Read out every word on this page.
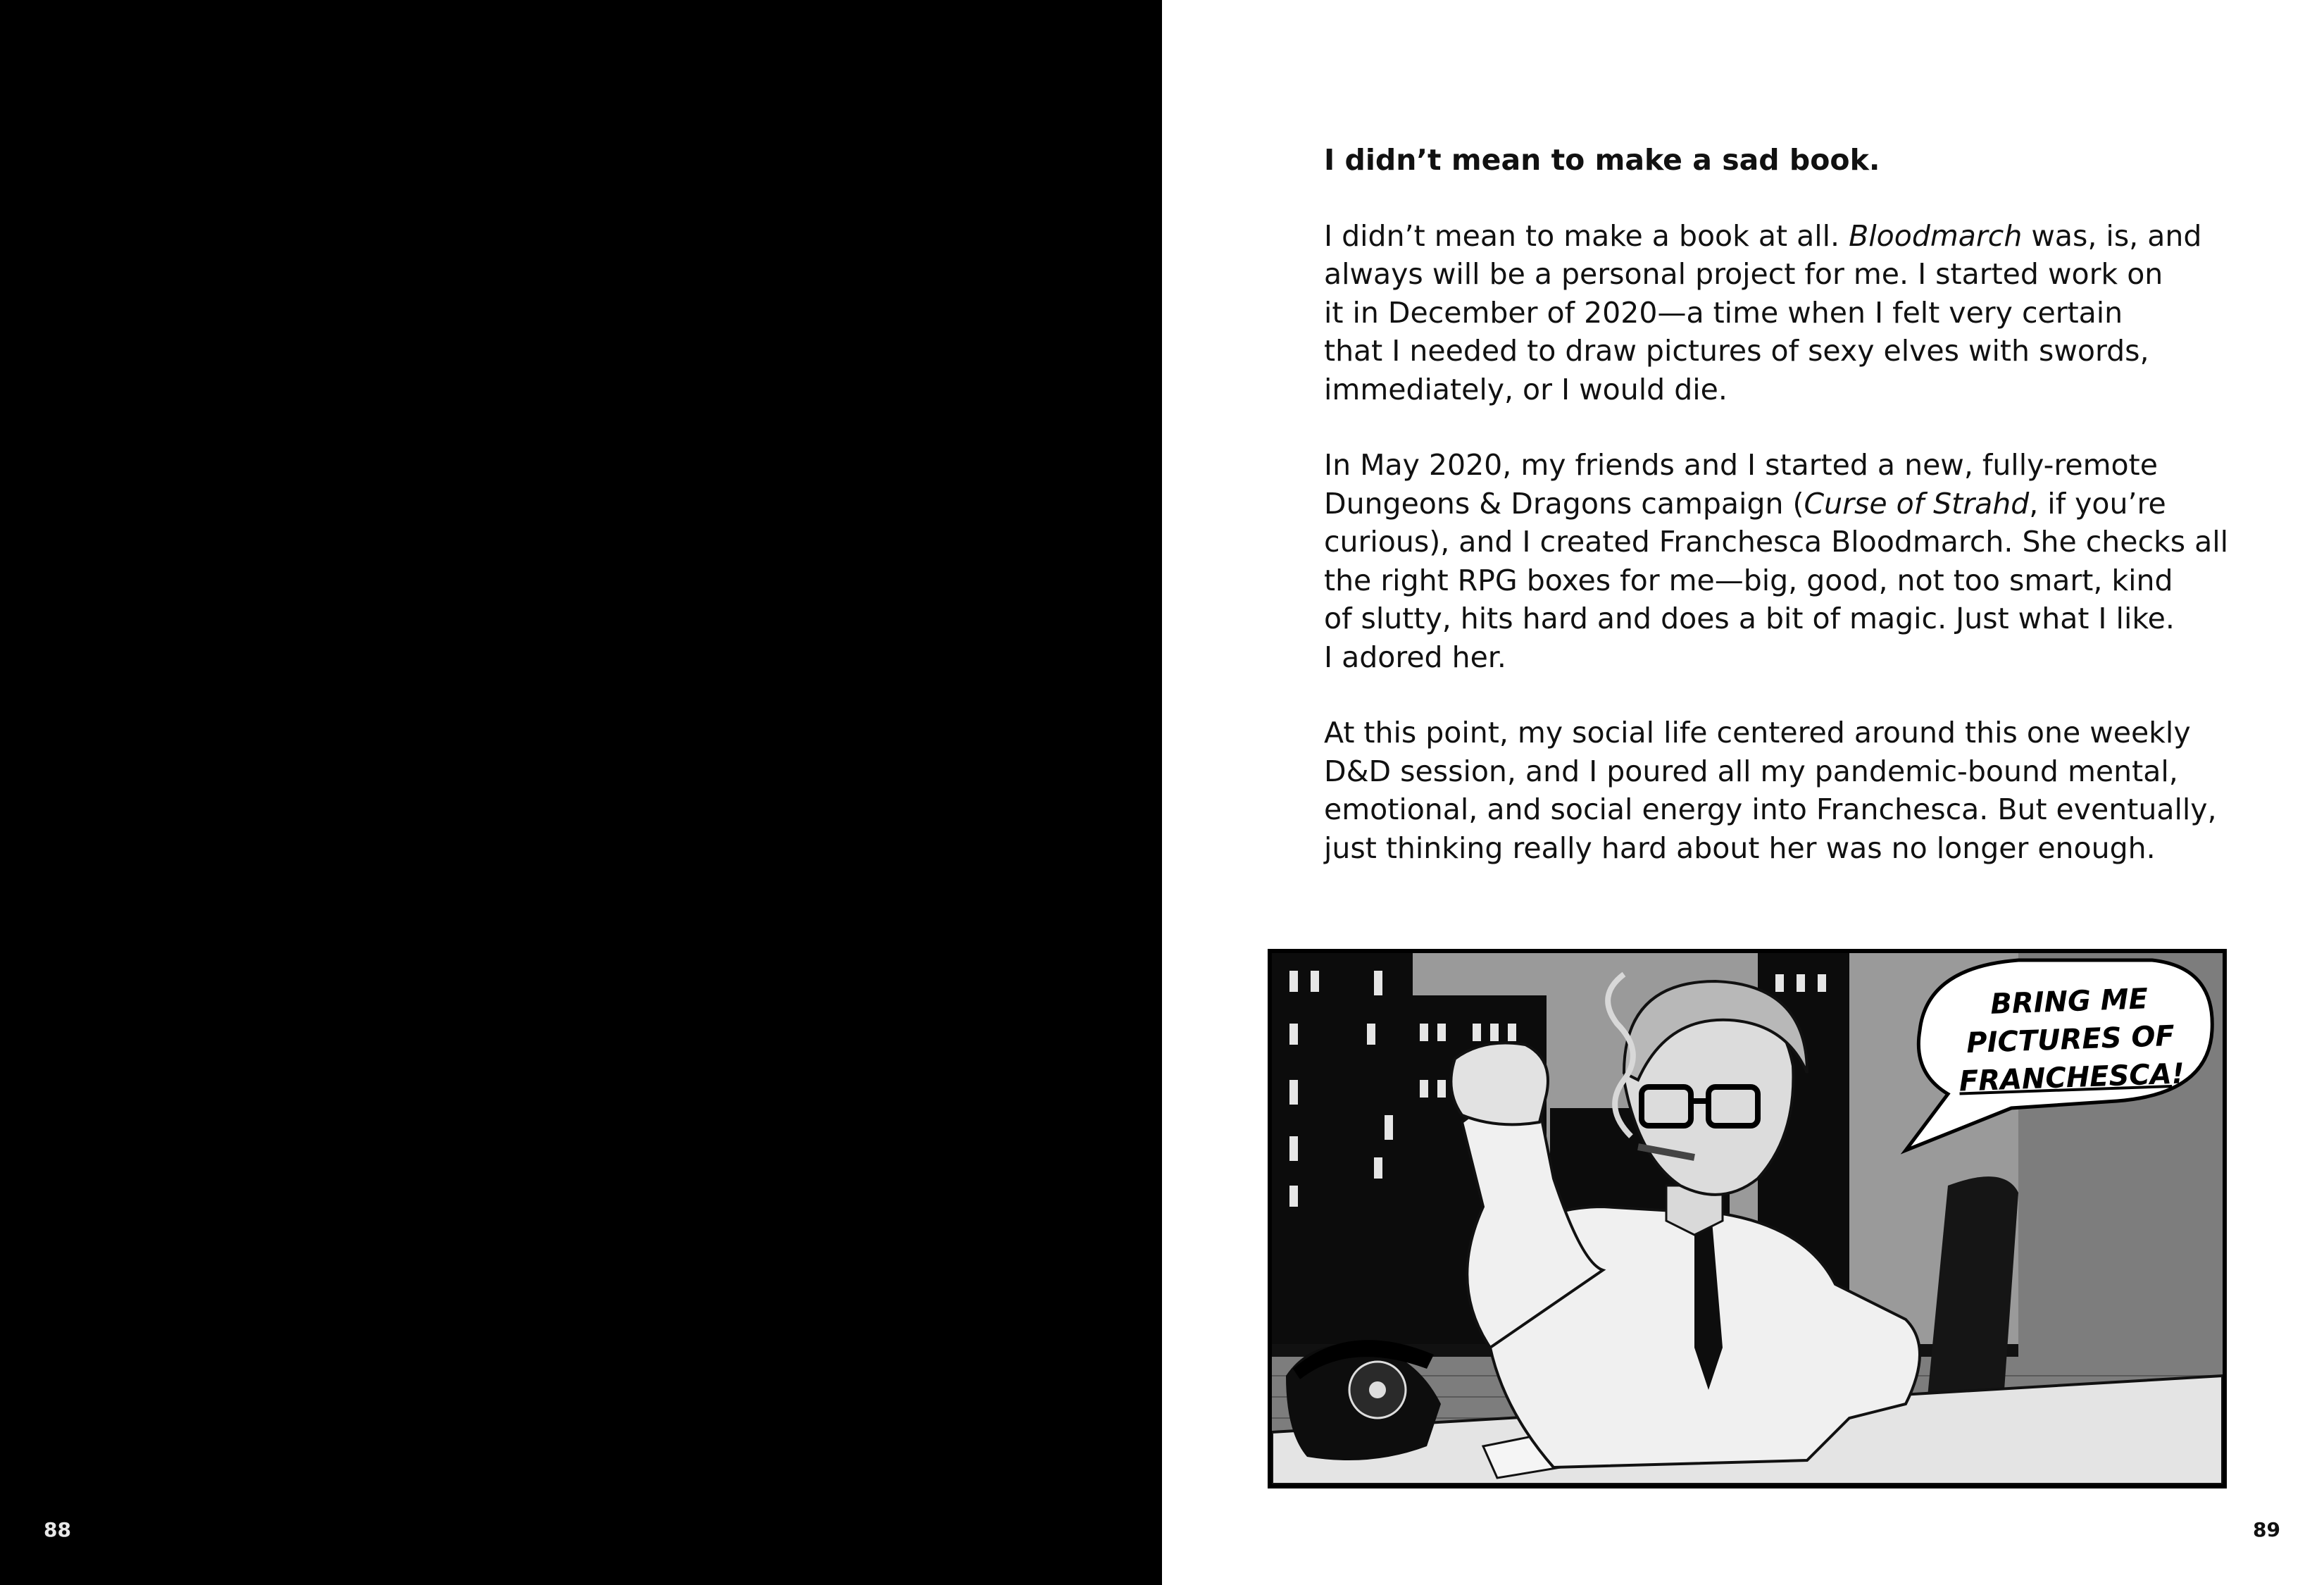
88	89
I didn’t mean to make a sad book.

I didn’t mean to make a book at all. Bloodmarch was, is, and
always will be a personal project for me. I started work on
it in December of 2020—a time when I felt very certain
that I needed to draw pictures of sexy elves with swords,
immediately, or I would die.

In May 2020, my friends and I started a new, fully-remote
Dungeons & Dragons campaign (Curse of Strahd, if you’re
curious), and I created Franchesca Bloodmarch. She checks all
the right RPG boxes for me—big, good, not too smart, kind
of slutty, hits hard and does a bit of magic. Just what I like.
I adored her.

At this point, my social life centered around this one weekly
D&D session, and I poured all my pandemic-bound mental,
emotional, and social energy into Franchesca. But eventually,
just thinking really hard about her was no longer enough.

BRING ME
PICTURES OF
FRANCHESCA!
